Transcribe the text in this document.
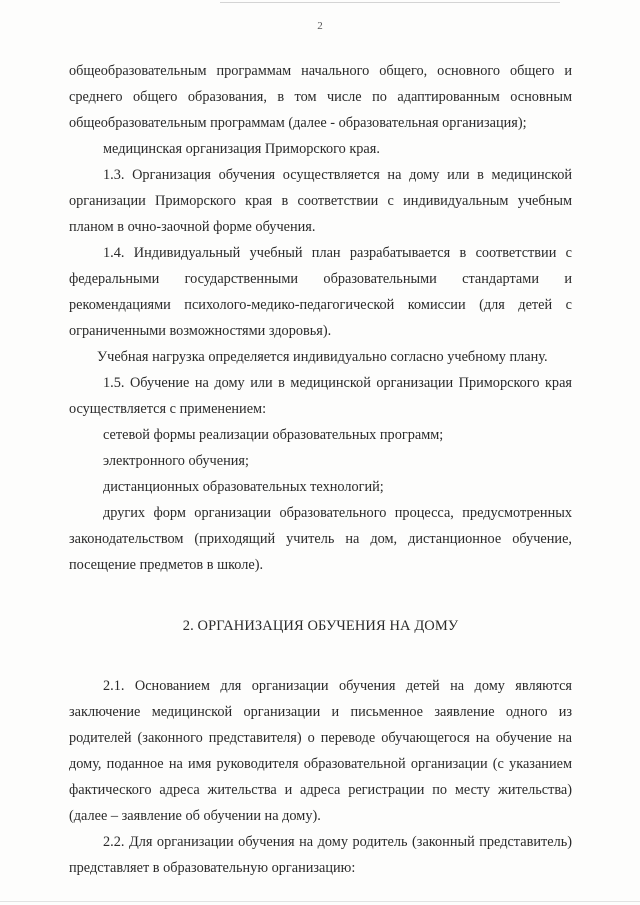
2

общеобразовательным программам начального общего, основного общего и среднего общего образования, в том числе по адаптированным основным общеобразовательным программам (далее - образовательная организация);

медицинская организация Приморского края.

1.3. Организация обучения осуществляется на дому или в медицинской организации Приморского края в соответствии с индивидуальным учебным планом в очно-заочной форме обучения.

1.4. Индивидуальный учебный план разрабатывается в соответствии с федеральными государственными образовательными стандартами и рекомендациями психолого-медико-педагогической комиссии (для детей с ограниченными возможностями здоровья).

Учебная нагрузка определяется индивидуально согласно учебному плану.

1.5. Обучение на дому или в медицинской организации Приморского края осуществляется с применением:

сетевой формы реализации образовательных программ;

электронного обучения;

дистанционных образовательных технологий;

других форм организации образовательного процесса, предусмотренных законодательством (приходящий учитель на дом, дистанционное обучение, посещение предметов в школе).

2. ОРГАНИЗАЦИЯ ОБУЧЕНИЯ НА ДОМУ

2.1. Основанием для организации обучения детей на дому являются заключение медицинской организации и письменное заявление одного из родителей (законного представителя) о переводе обучающегося на обучение на дому, поданное на имя руководителя образовательной организации (с указанием фактического адреса жительства и адреса регистрации по месту жительства) (далее – заявление об обучении на дому).

2.2. Для организации обучения на дому родитель (законный представитель) представляет в образовательную организацию:
